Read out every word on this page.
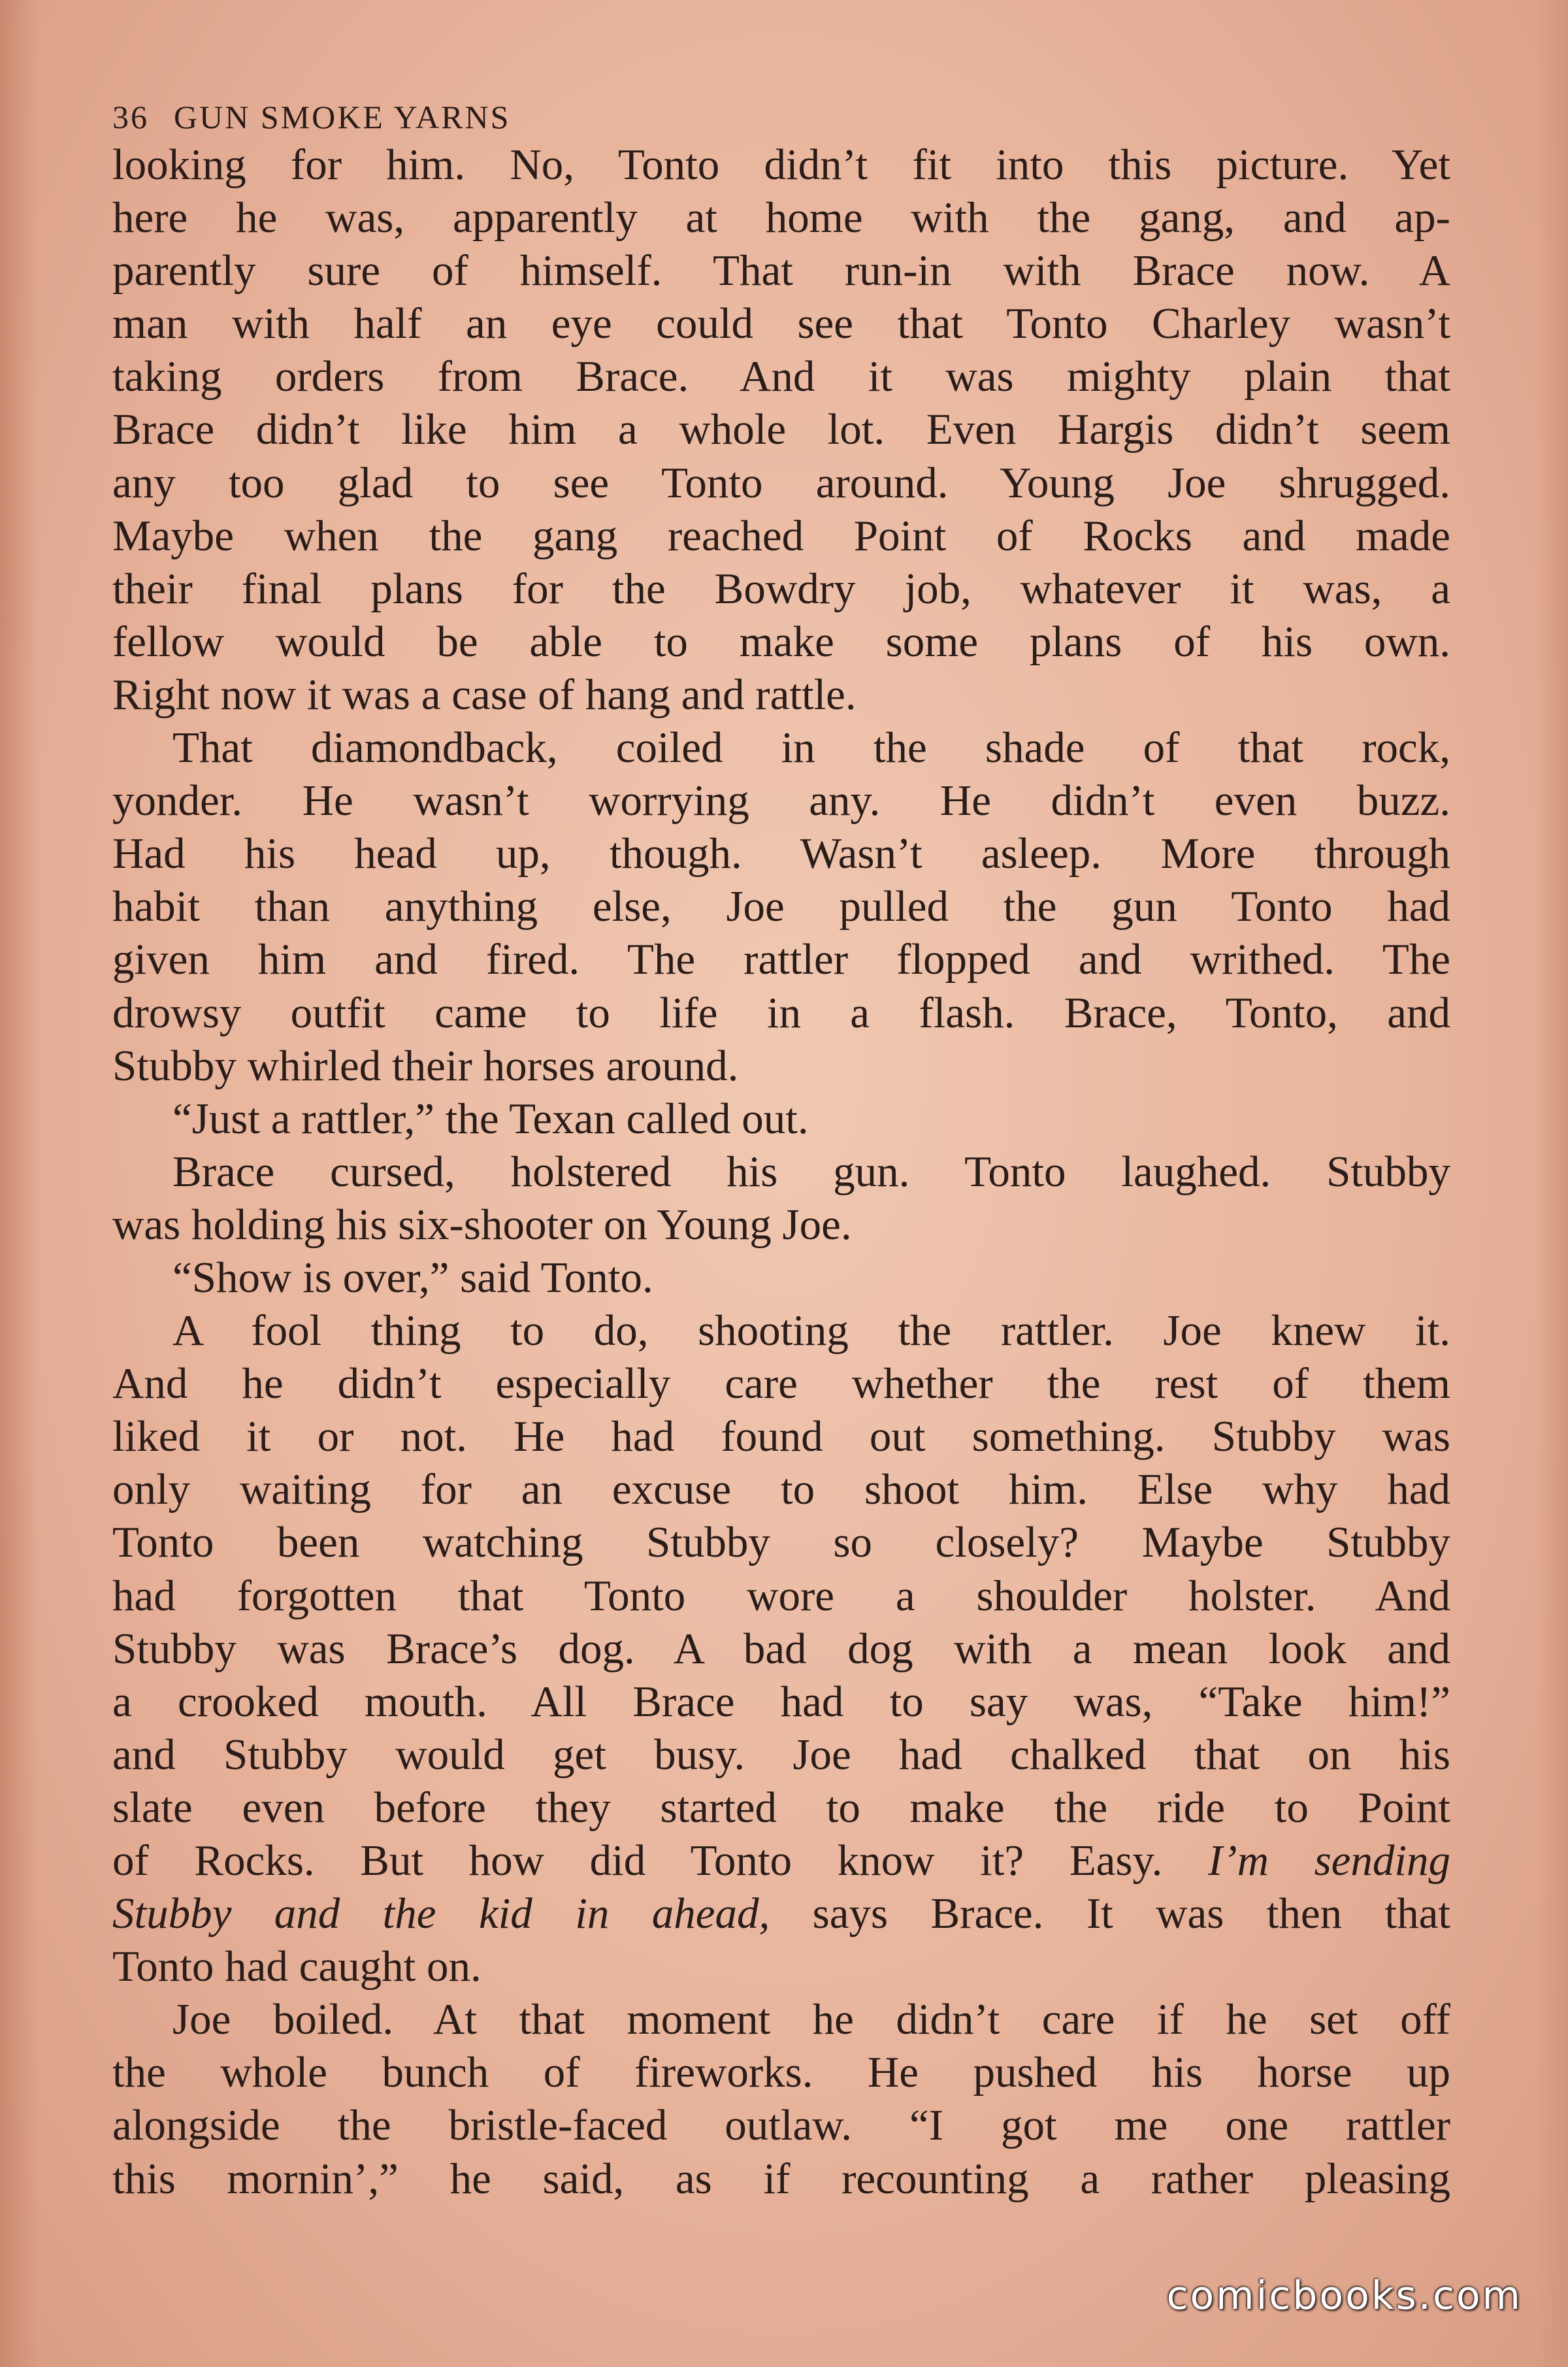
36 GUN SMOKE YARNS
looking for him. No, Tonto didn’t fit into this picture. Yet
here he was, apparently at home with the gang, and ap-
parently sure of himself. That run-in with Brace now. A
man with half an eye could see that Tonto Charley wasn’t
taking orders from Brace. And it was mighty plain that
Brace didn’t like him a whole lot. Even Hargis didn’t seem
any too glad to see Tonto around. Young Joe shrugged.
Maybe when the gang reached Point of Rocks and made
their final plans for the Bowdry job, whatever it was, a
fellow would be able to make some plans of his own.
Right now it was a case of hang and rattle.
That diamondback, coiled in the shade of that rock,
yonder. He wasn’t worrying any. He didn’t even buzz.
Had his head up, though. Wasn’t asleep. More through
habit than anything else, Joe pulled the gun Tonto had
given him and fired. The rattler flopped and writhed. The
drowsy outfit came to life in a flash. Brace, Tonto, and
Stubby whirled their horses around.
“Just a rattler,” the Texan called out.
Brace cursed, holstered his gun. Tonto laughed. Stubby
was holding his six-shooter on Young Joe.
“Show is over,” said Tonto.
A fool thing to do, shooting the rattler. Joe knew it.
And he didn’t especially care whether the rest of them
liked it or not. He had found out something. Stubby was
only waiting for an excuse to shoot him. Else why had
Tonto been watching Stubby so closely? Maybe Stubby
had forgotten that Tonto wore a shoulder holster. And
Stubby was Brace’s dog. A bad dog with a mean look and
a crooked mouth. All Brace had to say was, “Take him!”
and Stubby would get busy. Joe had chalked that on his
slate even before they started to make the ride to Point
of Rocks. But how did Tonto know it? Easy. I’m sending
Stubby and the kid in ahead, says Brace. It was then that
Tonto had caught on.
Joe boiled. At that moment he didn’t care if he set off
the whole bunch of fireworks. He pushed his horse up
alongside the bristle-faced outlaw. “I got me one rattler
this mornin’,” he said, as if recounting a rather pleasing
comicbooks.com
